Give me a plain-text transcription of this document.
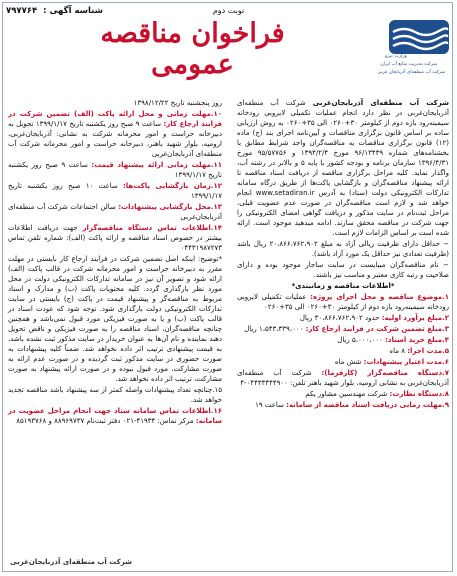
۷۹۷۷۶۴  : شناسه آگهی	نوبت دوم
فراخوان مناقصه عمومی	وزارت نیرو
شرکت مدیریت منابع آب ایران
شرکت آب منطقه‌ای آذربایجان غربی

شرکت آب منطقه‌ای آذربایجان‌غربی شرکت آب منطقه‌ای آذربایجان‌غربی در نظر دارد انجام عملیات تکمیلی لایروبی رودخانه سیمینه‌رود بازه دوم از کیلومتر ۳۰+۰۲۶۰ الی ۳۵+۰۲۶۰ به روش ارزیابی ساده بر اساس قانون برگزاری مناقصات و آیین‌نامه اجرای بند (ج) ماده (۱۲) قانون برگزاری مناقصات به مناقصه‌گران واجد شرایط مطابق با بخشنامه‌های شماره ۹۶/۱۳۴۳۹ مورخ ۱۳۹۴/۲/۴ و ۹۵/۵۷۷۵۶ مورخ ۱۳۹۶/۴/۳۱ سازمان برنامه و بودجه کشور با پایه ۵ و بالاتر در رشته آب، واگذار نماید. کلیه مراحل برگزاری مناقصه از دریافت اسناد مناقصه تا ارائه پیشنهاد مناقصه‌گران و بازگشایی پاکت‌ها از طریق درگاه سامانه تدارکات الکترونیکی دولت (ستاد) به آدرس www.setadiran.ir انجام خواهد شد و لازم است مناقصه‌گران در صورت عدم عضویت قبلی، مراحل ثبت‌نام در سایت مذکور و دریافت گواهی امضای الکترونیکی را جهت شرکت در مناقصه محقق سازند. ادامه میدهید موجود است. ارائه شده است بر اساس الزامات لازم است.

− حداقل دارای ظرفیت ریالی آزاد به مبلغ ۲۰،۸۶۶،۷۶۲،۹۰۲ ریال باشد (ظرفیت تعدادی نیز حداقل یک مورد آزاد باشد).

− نام مناقصه‌گران میبایست در سایت ساجار موجود بوده و دارای صلاحیت و رتبه کاری معتبر و مناسب نیز باشند.

*اطلاعات مناقصه و زمانبندی*

۱.موضوع مناقصه و محل اجرای پروژه: عملیات تکمیلی لایروبی رودخانه سیمینه‌رود بازه دوم از کیلومتر ۳۰+۰۲۶۰ الی ۳۵+۰۲۶۰

۲.مبلغ برآورد اولیه: حدود ۳۰،۸۶۶،۷۶۲،۹۰۲ ریال

۳.مبلغ تضمین شرکت در فرایند ارجاع کار: ۱،۵۴۳،۳۳۹،۰۰۰ ریال

۴.مبلغ خرید اسناد: ۵،۰۰۰،۰۰۰ ریال

۵.مدت اجرا: ۸ ماه

۶.مدت اعتبار پیشنهادات: شش ماه

۷.دستگاه مناقصه‌گزار (کارفرما): شرکت آب منطقه‌ای آذربایجان‌غربی به نشانی ارومیه، بلوار شهید باهنر تلفن: ۰۴۴۳۳۴۴۴۹۰۰-۴

۸.دستگاه نظارت: شرکت مهندسین مشاور یکم

۹.مهلت زمانی دریافت اسناد مناقصه از سامانه: ساعت ۱۹

روز پنجشنبه تاریخ ۱۳۹۸/۱۲/۲۲

۱۰.مهلت زمانی و محل ارائه پاکت (الف) تضمین شرکت در فرایند ارجاع کار: ساعت ۹ صبح روز یکشنبه تاریخ ۱۳۹۹/۱/۱۷ تحویل به دبیرخانه حراست و امور محرمانه شرکت به نشانی: آذربایجان‌غربی، ارومیه، بلوار شهید باهنر، دبیرخانه حراست و امور محرمانه شرکت آب منطقه‌ای آذربایجان‌غربی

۱۱.مهلت زمانی ارائه پیشنهاد قیمت: ساعت ۹ صبح روز یکشنبه تاریخ ۱۳۹۹/۱/۱۷

۱۲.زمان بازگشایی پاکت‌ها: ساعت ۱۰ صبح روز یکشنبه تاریخ ۱۳۹۹/۱/۱۷

۱۳.محل بازگشایی پیشنهادات: سالن اجتماعات شرکت آب منطقه‌ای آذربایجان‌غربی

۱۴.اطلاعات تماس دستگاه مناقصه‌گزار جهت دریافت اطلاعات بیشتر در خصوص اسناد مناقصه و ارائه پاکت (الف): شماره تلفن تماس ۰۴۴۳۱۹۸۷۲۷۳

*توضیح: اینکه اصل تضمین شرکت در فرایند ارجاع کار بایستی در مهلت مقرر به دبیرخانه حراست و امور محرمانه شرکت در قالب پاکت (الف) ارائه شود و تصویر آن نیز در سامانه تدارکات الکترونیکی دولت در محل مورد نظر بارگذاری گردد. کلیه محتویات پاکت (ب) و مدارک و اسناد مربوط به مناقصه‌گر و پیشنهاد قیمت در پاکت (ج) بایستی در سایت تدارکات الکترونیکی دولت بارگذاری شود. توجه شود که عودت اسناد در قالب پاکت (ب) و یا به صورت فیزیکی مورد قبول نمی‌باشد و همچنین چنانچه مناقصه‌گران، اسناد مناقصه را به صورت فیزیکی و ناقص تحویل دهند نماینده و نام آن‌ها به عنوان خریدار در سایت مذکور ثبت نشده باشد، به قیمت پیشنهادی ترتیب اثر داده نخواهد شد. ضمناً کلیه پیشنهادات به صورت حضوری در سایت مذکور ثبت گردیده و در صورت عدم ارائه به صورت مشارکت، مورد قبول نبوده و در صورت ارائه پیشنهاد به صورت مشارکت، ترتیب اثر داده نخواهد شد.

۱۵.چنانچه تعداد پیشنهادات واصله کمتر از سه پیشنهاد باشد مناقصه تجدید خواهد شد.

۱۶.اطلاعات تماس سامانه ستاد جهت انجام مراحل عضویت در سامانه: مرکز تماس: ۴۱۹۳۴-۰۲۱ دفتر ثبت‌نام ۸۸۹۶۹۷۳۷ و ۸۵۱۹۳۷۶۸

شرکت آب منطقه‌ای آذربایجان‌غربی
